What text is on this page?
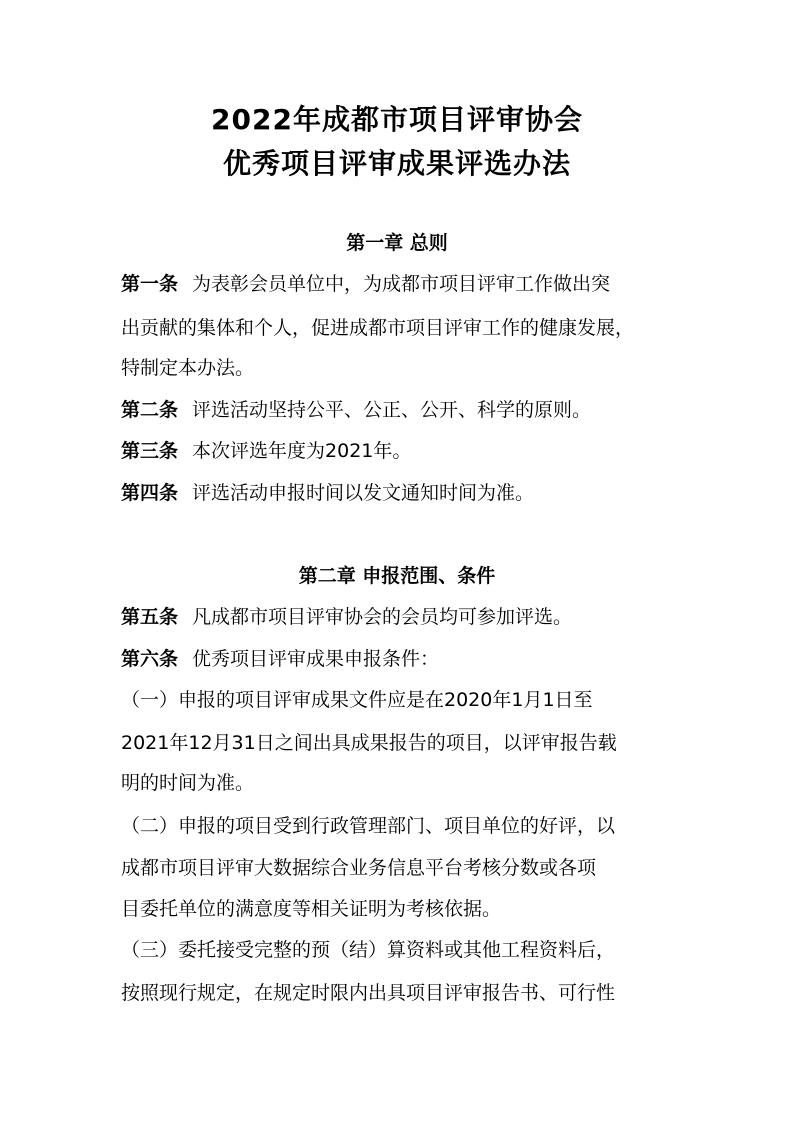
2022年成都市项目评审协会
优秀项目评审成果评选办法
第一章 总则
第一条 为表彰会员单位中，为成都市项目评审工作做出突
出贡献的集体和个人，促进成都市项目评审工作的健康发展，
特制定本办法。
第二条 评选活动坚持公平、公正、公开、科学的原则。
第三条 本次评选年度为2021年。
第四条 评选活动申报时间以发文通知时间为准。
第二章 申报范围、条件
第五条 凡成都市项目评审协会的会员均可参加评选。
第六条 优秀项目评审成果申报条件：
（一）申报的项目评审成果文件应是在2020年1月1日至
2021年12月31日之间出具成果报告的项目，以评审报告载
明的时间为准。
（二）申报的项目受到行政管理部门、项目单位的好评，以
成都市项目评审大数据综合业务信息平台考核分数或各项
目委托单位的满意度等相关证明为考核依据。
（三）委托接受完整的预（结）算资料或其他工程资料后，
按照现行规定，在规定时限内出具项目评审报告书、可行性
